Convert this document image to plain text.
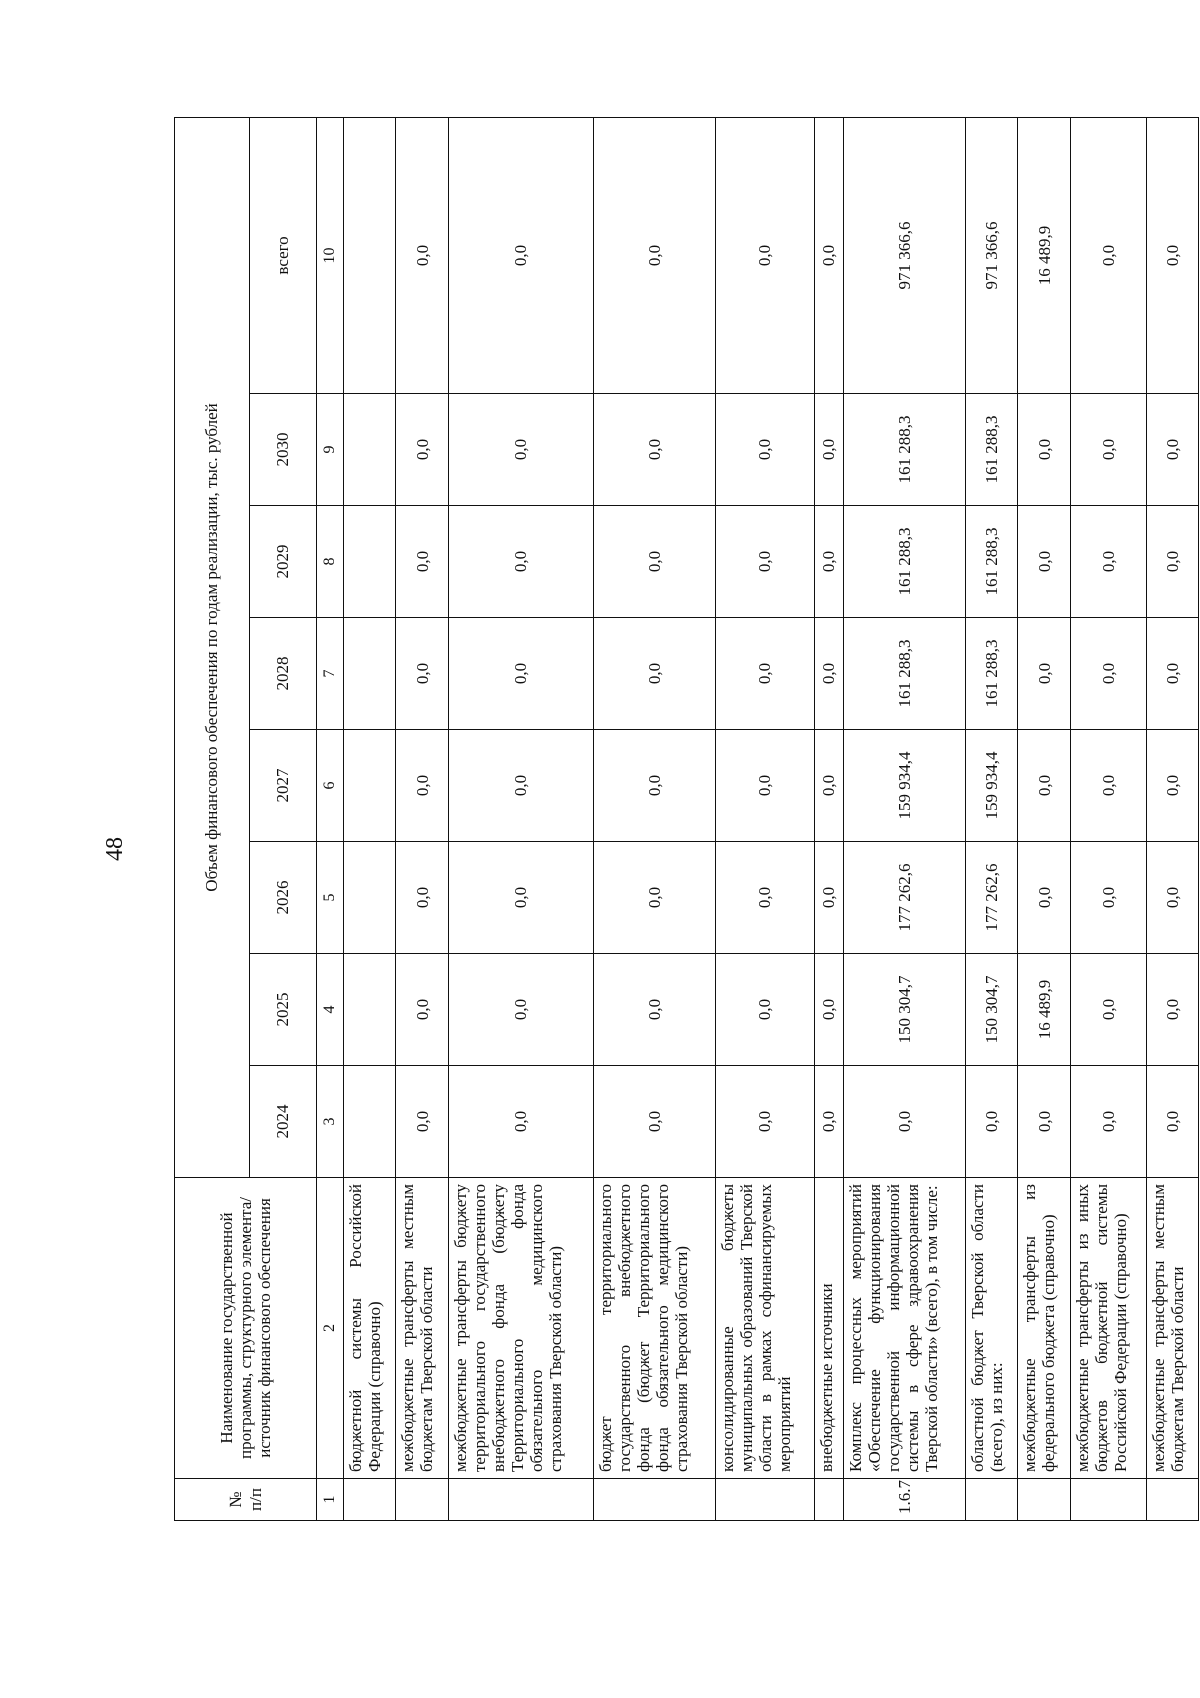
48
№ п/п	Наименование государственной программы, структурного элемента/источник финансового обеспечения	Объем финансового обеспечения по годам реализации, тыс. рублей							
		2024	2025	2026	2027	2028	2029	2030	всего
1	2	3	4	5	6	7	8	9	10
	бюджетной системы Российской Федерации (справочно)								
	межбюджетные трансферты местным бюджетам Тверской области	0,0	0,0	0,0	0,0	0,0	0,0	0,0	0,0
	межбюджетные трансферты бюджету территориального государственного внебюджетного фонда (бюджету Территориального фонда обязательного медицинского страхования Тверской области)	0,0	0,0	0,0	0,0	0,0	0,0	0,0	0,0
	бюджет территориального государственного внебюджетного фонда (бюджет Территориального фонда обязательного медицинского страхования Тверской области)	0,0	0,0	0,0	0,0	0,0	0,0	0,0	0,0
	консолидированные бюджеты муниципальных образований Тверской области в рамках софинансируемых мероприятий	0,0	0,0	0,0	0,0	0,0	0,0	0,0	0,0
	внебюджетные источники	0,0	0,0	0,0	0,0	0,0	0,0	0,0	0,0
1.6.7	Комплекс процессных мероприятий «Обеспечение функционирования государственной информационной системы в сфере здравоохранения Тверской области» (всего), в том числе:	0,0	150 304,7	177 262,6	159 934,4	161 288,3	161 288,3	161 288,3	971 366,6
	областной бюджет Тверской области (всего), из них:	0,0	150 304,7	177 262,6	159 934,4	161 288,3	161 288,3	161 288,3	971 366,6
	межбюджетные трансферты из федерального бюджета (справочно)	0,0	16 489,9	0,0	0,0	0,0	0,0	0,0	16 489,9
	межбюджетные трансферты из иных бюджетов бюджетной системы Российской Федерации (справочно)	0,0	0,0	0,0	0,0	0,0	0,0	0,0	0,0
	межбюджетные трансферты местным бюджетам Тверской области	0,0	0,0	0,0	0,0	0,0	0,0	0,0	0,0
